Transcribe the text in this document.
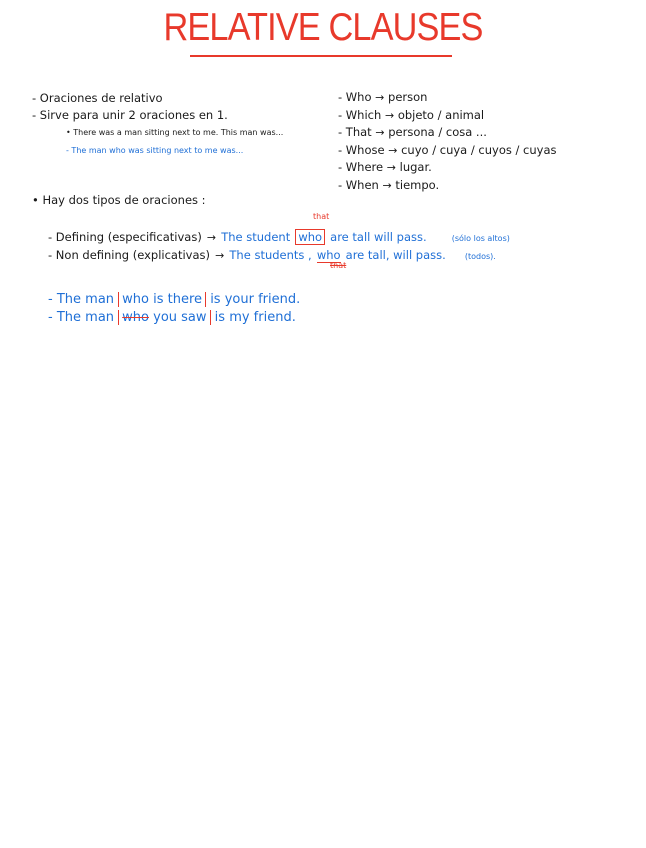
RELATIVE CLAUSES
- Oraciones de relativo
- Sirve para unir 2 oraciones en 1.
• There was a man sitting next to me. This man was...
- The man who was sitting next to me was...
- Who → person
- Which → objeto / animal
- That → persona / cosa ...
- Whose → cuyo / cuya / cuyos / cuyas
- Where → lugar.
- When → tiempo.
• Hay dos tipos de oraciones :
that
- Defining (especificativas) → The student who are tall will pass.	(sólo los altos)
- Non defining (explicativas) → The students , who are tall, will pass. (todos).
that
- The man who is there is your friend.
- The man who you saw is my friend.
